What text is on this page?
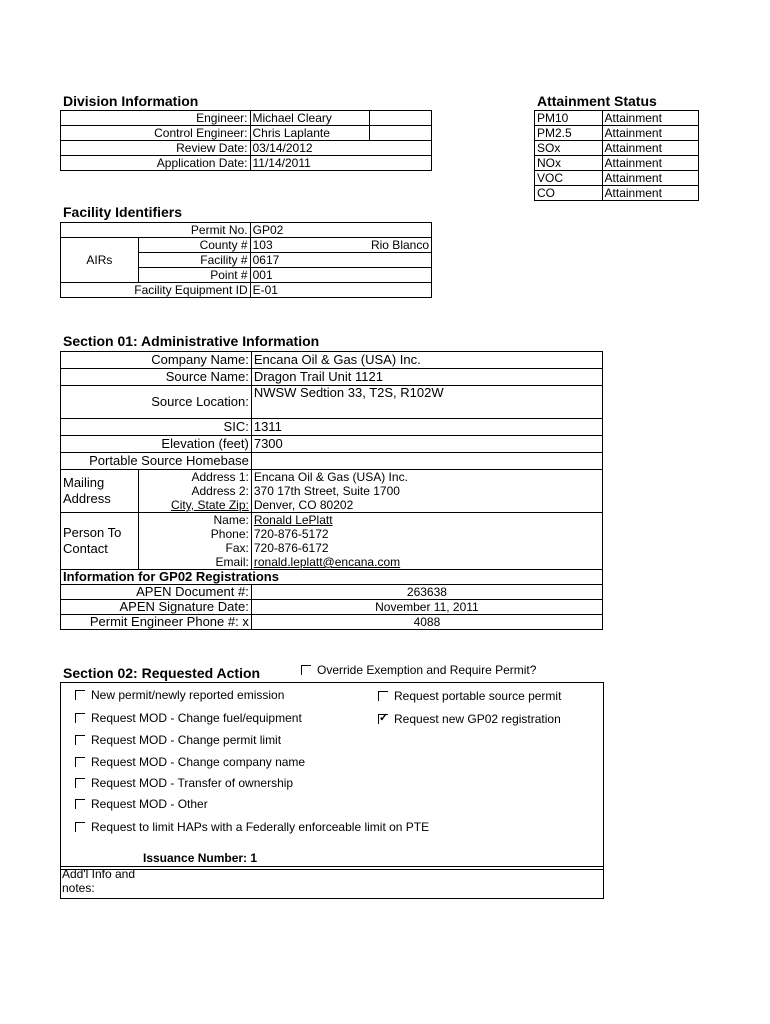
Division Information
Engineer:	Michael Cleary	
Control Engineer:	Chris Laplante	
Review Date:	03/14/2012	
Application Date:	11/14/2011	
Attainment Status
PM10	Attainment
PM2.5	Attainment
SOx	Attainment
NOx	Attainment
VOC	Attainment
CO	Attainment
Facility Identifiers
Permit No.		GP02
AIRs	County #	103 Rio Blanco

	Facility #	0617
	Point #	001
Facility Equipment ID		E-01
Section 01: Administrative Information
Company Name:		Encana Oil & Gas (USA) Inc.
Source Name:		Dragon Trail Unit 1121
Source Location:		NWSW Sedtion 33, T2S, R102W
SIC:		1311
Elevation (feet)		7300
Portable Source Homebase		
Mailing Address	Address 1:	Encana Oil & Gas (USA) Inc.
	Address 2:	370 17th Street, Suite 1700
	City, State Zip:	Denver, CO 80202
Person To Contact	Name:	Ronald LePlatt
	Phone:	720-876-5172
	Fax:	720-876-6172
	Email:	ronald.leplatt@encana.com
Information for GP02 Registrations		
APEN Document #:		263638
APEN Signature Date:		November 11, 2011
Permit Engineer Phone #: x		4088
Section 02: Requested Action	Override Exemption and Require Permit?
New permit/newly reported emission
Request MOD - Change fuel/equipment
Request MOD - Change permit limit
Request MOD - Change company name
Request MOD - Transfer of ownership
Request MOD - Other
Request to limit HAPs with a Federally enforceable limit on PTE
Request portable source permit
✓Request new GP02 registration
Issuance Number: 1
Add'l Info and notes:
